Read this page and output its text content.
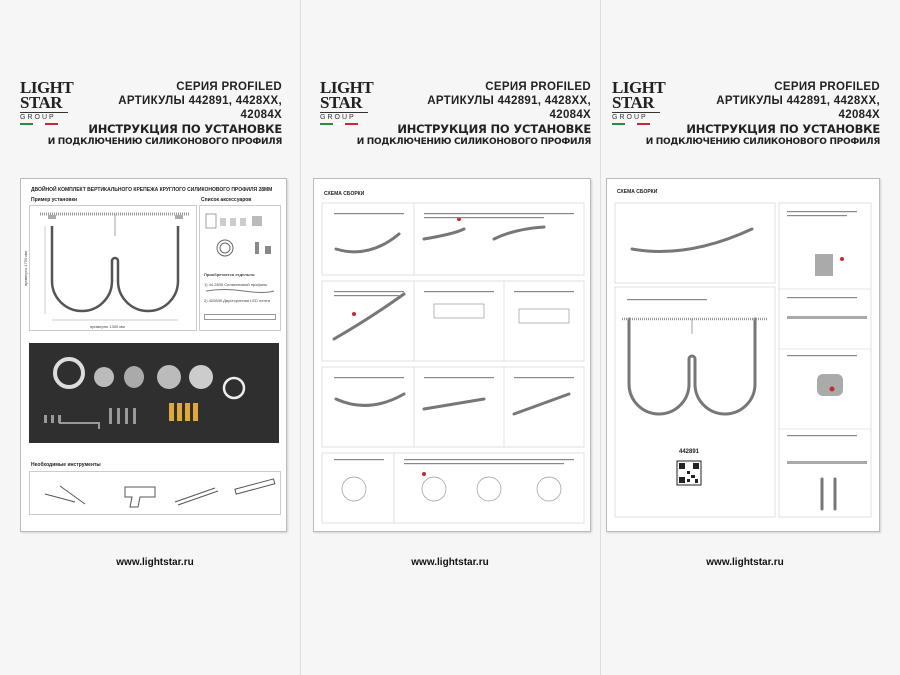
LIGHT
STAR
GROUP
СЕРИЯ PROFILED
АРТИКУЛЫ 442891, 4428XX,
42084X
ИНСТРУКЦИЯ ПО УСТАНОВКЕ
И ПОДКЛЮЧЕНИЮ СИЛИКОНОВОГО ПРОФИЛЯ
ДВОЙНОЙ КОМПЛЕКТ ВЕРТИКАЛЬНОГО КРЕПЕЖА КРУГЛОГО СИЛИКОНОВОГО ПРОФИЛЯ 28ММ
Пример установки	Список аксессуаров
примерно 1300 мм
примерно 1750 мм	Приобретается отдельно:
1) 44.2835 Силиконовый профиль
2) 420849 Двусторонняя LED лента
Необходимые инструменты
www.lightstar.ru
LIGHT
STAR
GROUP
СЕРИЯ PROFILED
АРТИКУЛЫ 442891, 4428XX,
42084X
ИНСТРУКЦИЯ ПО УСТАНОВКЕ
И ПОДКЛЮЧЕНИЮ СИЛИКОНОВОГО ПРОФИЛЯ
СХЕМА СБОРКИ
www.lightstar.ru
LIGHT
STAR
GROUP
СЕРИЯ PROFILED
АРТИКУЛЫ 442891, 4428XX,
42084X
ИНСТРУКЦИЯ ПО УСТАНОВКЕ
И ПОДКЛЮЧЕНИЮ СИЛИКОНОВОГО ПРОФИЛЯ
СХЕМА СБОРКИ
442891
www.lightstar.ru
